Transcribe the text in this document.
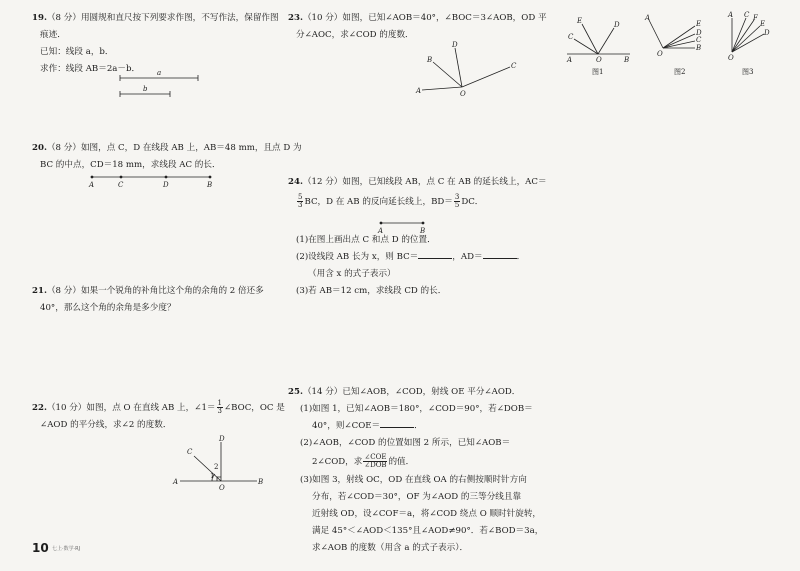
19.（8 分）用圆规和直尺按下列要求作图，不写作法，保留作图

痕迹．

已知：线段 a，b．

求作：线段 AB＝2a－b．	a
b

20.（8 分）如图，点 C，D 在线段 AB 上，AB＝48 mm，且点 D 为

BC 的中点，CD＝18 mm，求线段 AC 的长．

A	C	D	B

21.（8 分）如果一个锐角的补角比这个角的余角的 2 倍还多

40°，那么这个角的余角是多少度？

22.（10 分）如图，点 O 在直线 AB 上，∠1＝ $\frac{1}{3}$ ∠BOC，OC 是

∠AOD 的平分线，求∠2 的度数．

A	B
C
D
O
1
2

23.（10 分）如图，已知∠AOB＝40°，∠BOC＝3∠AOB，OD 平

分∠AOC，求∠COD 的度数．

A
B
D
C
O

24.（12 分）如图，已知线段 AB，点 C 在 AB 的延长线上，AC＝

$\frac{5}{3}$ BC，D 在 AB 的反向延长线上，$BD= \frac{3}{5}$ DC．

A	B

(1)在图上画出点 C 和点 D 的位置．

(2)设线段 AB 长为 x，则 BC＝	，AD＝	．

（用含 x 的式子表示）

(3)若 AB＝12 cm，求线段 CD 的长．

25.（14 分）已知∠AOB，∠COD，射线 OE 平分∠AOD．

(1)如图 1，已知∠AOB＝180°，∠COD＝90°，若∠DOB＝

40°，则∠COE＝	．

(2)∠AOB，∠COD 的位置如图 2 所示，已知∠AOB＝

2∠COD，求 $\frac{\text{∠COE}}{\text{∠DOB}}$ 的值．

(3)如图 3，射线 OC，OD 在直线 OA 的右侧按顺时针方向

分布，若∠COD＝30°，OF 为∠AOD 的三等分线且靠

近射线 OD，设∠COF＝a，将∠COD 绕点 O 顺时针旋转，

满足 45°＜∠AOD＜135°且∠AOD≠90°．若∠BOD＝3a，

求∠AOB 的度数（用含 a 的式子表示）．

E
C
D
A	O	B
图1
A
E
D
C
B
O
图2
A C F
E
D
O
图3
10 七上·数学·RJ
